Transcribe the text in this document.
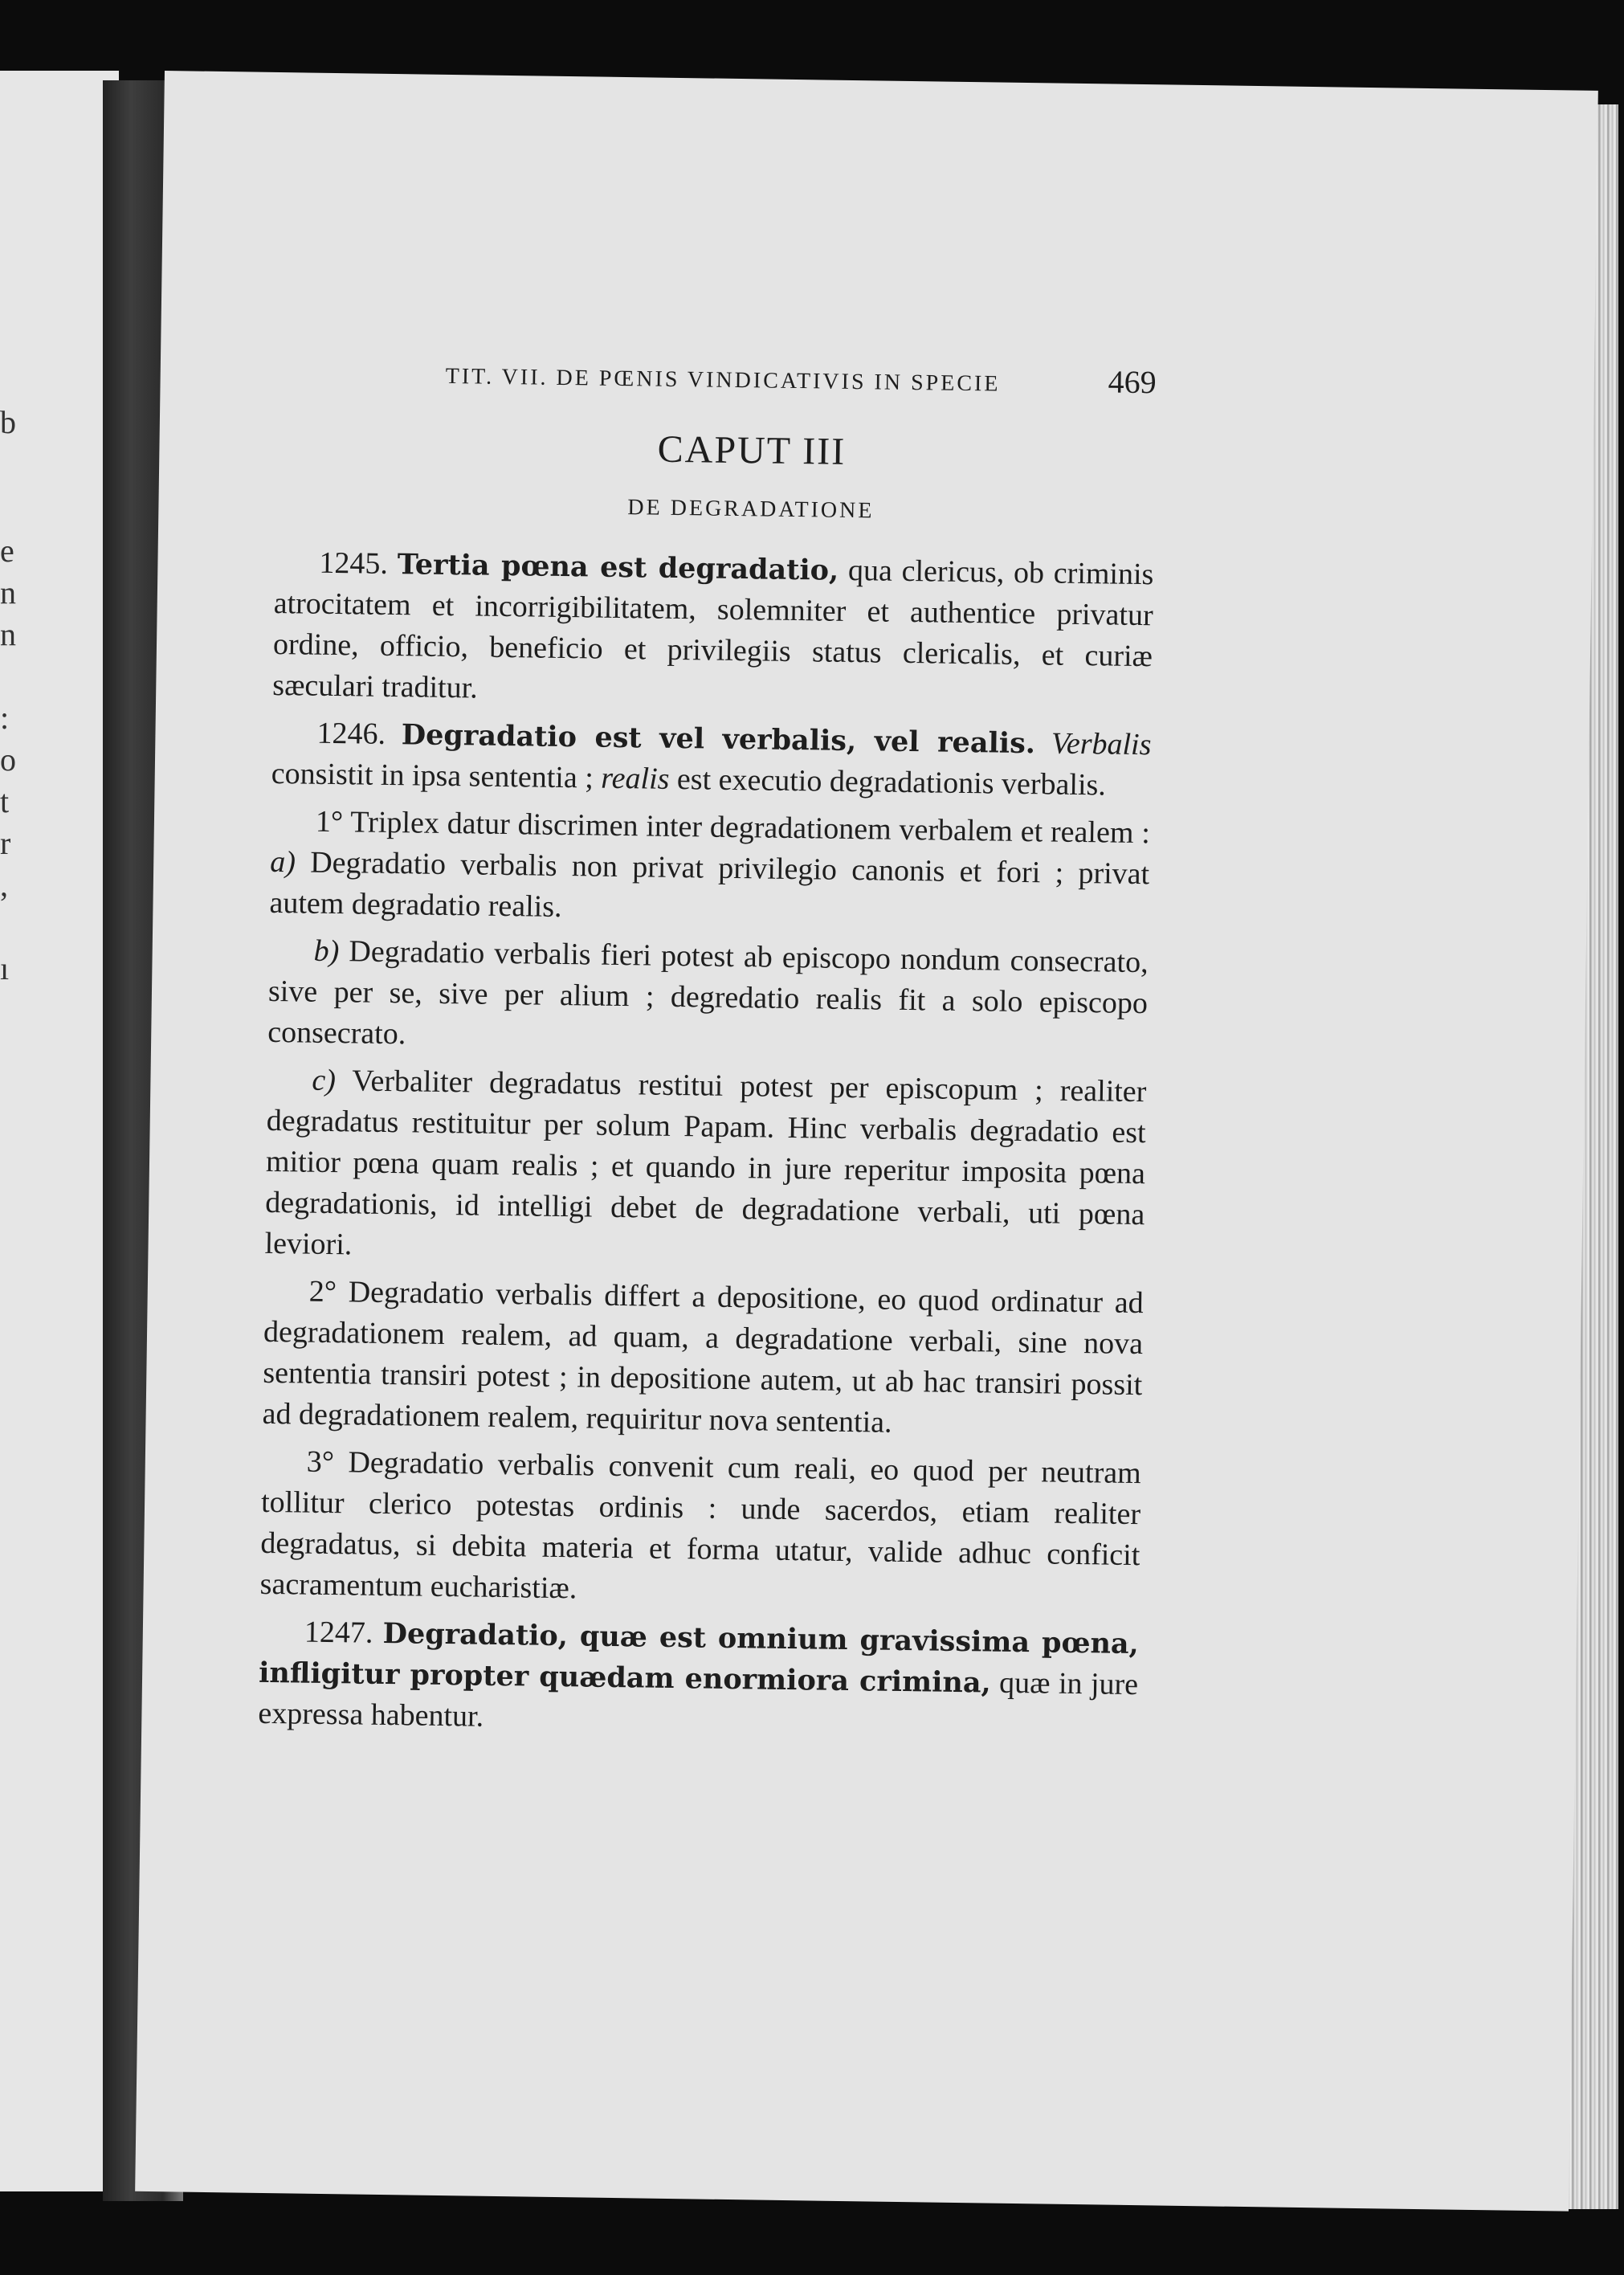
b
e
n
n
:
o
t
r
,
ı
TIT. VII. DE PŒNIS VINDICATIVIS IN SPECIE	469
CAPUT III
DE DEGRADATIONE

1245. Tertia pœna est degradatio, qua clericus, ob criminis atrocitatem et incorrigibilitatem, solemniter et authentice privatur ordine, officio, beneficio et privilegiis status clericalis, et curiæ sæculari traditur.

1246. Degradatio est vel verbalis, vel realis. Verbalis consistit in ipsa sententia ; realis est executio degradationis verbalis.

1° Triplex datur discrimen inter degradationem verbalem et realem : a) Degradatio verbalis non privat privilegio canonis et fori ; privat autem degradatio realis.

b) Degradatio verbalis fieri potest ab episcopo nondum consecrato, sive per se, sive per alium ; degredatio realis fit a solo episcopo consecrato.

c) Verbaliter degradatus restitui potest per episcopum ; realiter degradatus restituitur per solum Papam. Hinc verbalis degradatio est mitior pœna quam realis ; et quando in jure reperitur imposita pœna degradationis, id intelligi debet de degradatione verbali, uti pœna leviori.

2° Degradatio verbalis differt a depositione, eo quod ordinatur ad degradationem realem, ad quam, a degradatione verbali, sine nova sententia transiri potest ; in depositione autem, ut ab hac transiri possit ad degradationem realem, requiritur nova sententia.

3° Degradatio verbalis convenit cum reali, eo quod per neutram tollitur clerico potestas ordinis : unde sacerdos, etiam realiter degradatus, si debita materia et forma utatur, valide adhuc conficit sacramentum eucharistiæ.

1247. Degradatio, quæ est omnium gravissima pœna, infligitur propter quædam enormiora crimina, quæ in jure expressa habentur.
